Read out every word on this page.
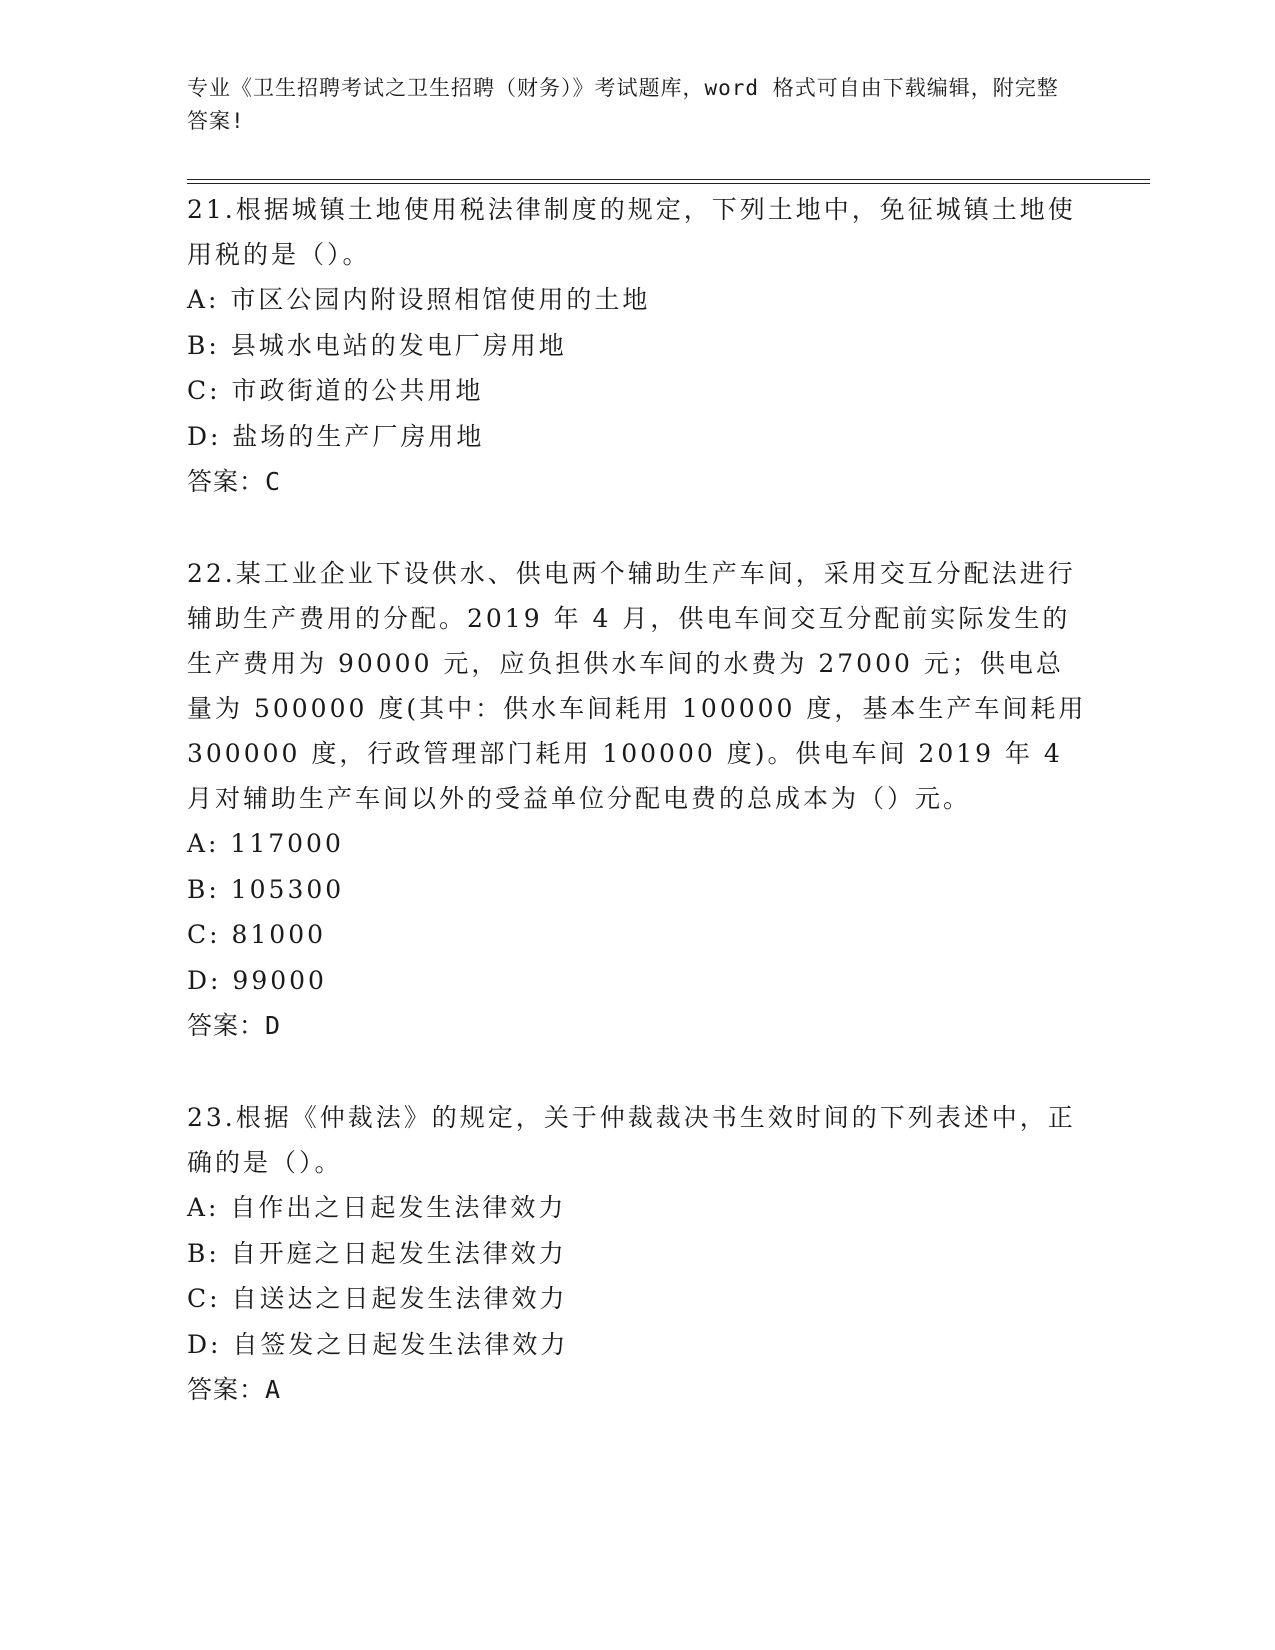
专业《卫生招聘考试之卫生招聘（财务）》考试题库，word 格式可自由下载编辑，附完整答案!

21.根据城镇土地使用税法律制度的规定，下列土地中，免征城镇土地使用税的是（）。

A: 市区公园内附设照相馆使用的土地

B: 县城水电站的发电厂房用地

C: 市政街道的公共用地

D: 盐场的生产厂房用地

答案：C

22.某工业企业下设供水、供电两个辅助生产车间，采用交互分配法进行辅助生产费用的分配。2019 年 4 月，供电车间交互分配前实际发生的生产费用为 90000 元，应负担供水车间的水费为 27000 元；供电总量为 500000 度(其中：供水车间耗用 100000 度，基本生产车间耗用 300000 度，行政管理部门耗用 100000 度)。供电车间 2019 年 4 月对辅助生产车间以外的受益单位分配电费的总成本为（）元。

A: 117000

B: 105300

C: 81000

D: 99000

答案：D

23.根据《仲裁法》的规定，关于仲裁裁决书生效时间的下列表述中，正确的是（）。

A: 自作出之日起发生法律效力

B: 自开庭之日起发生法律效力

C: 自送达之日起发生法律效力

D: 自签发之日起发生法律效力

答案：A
